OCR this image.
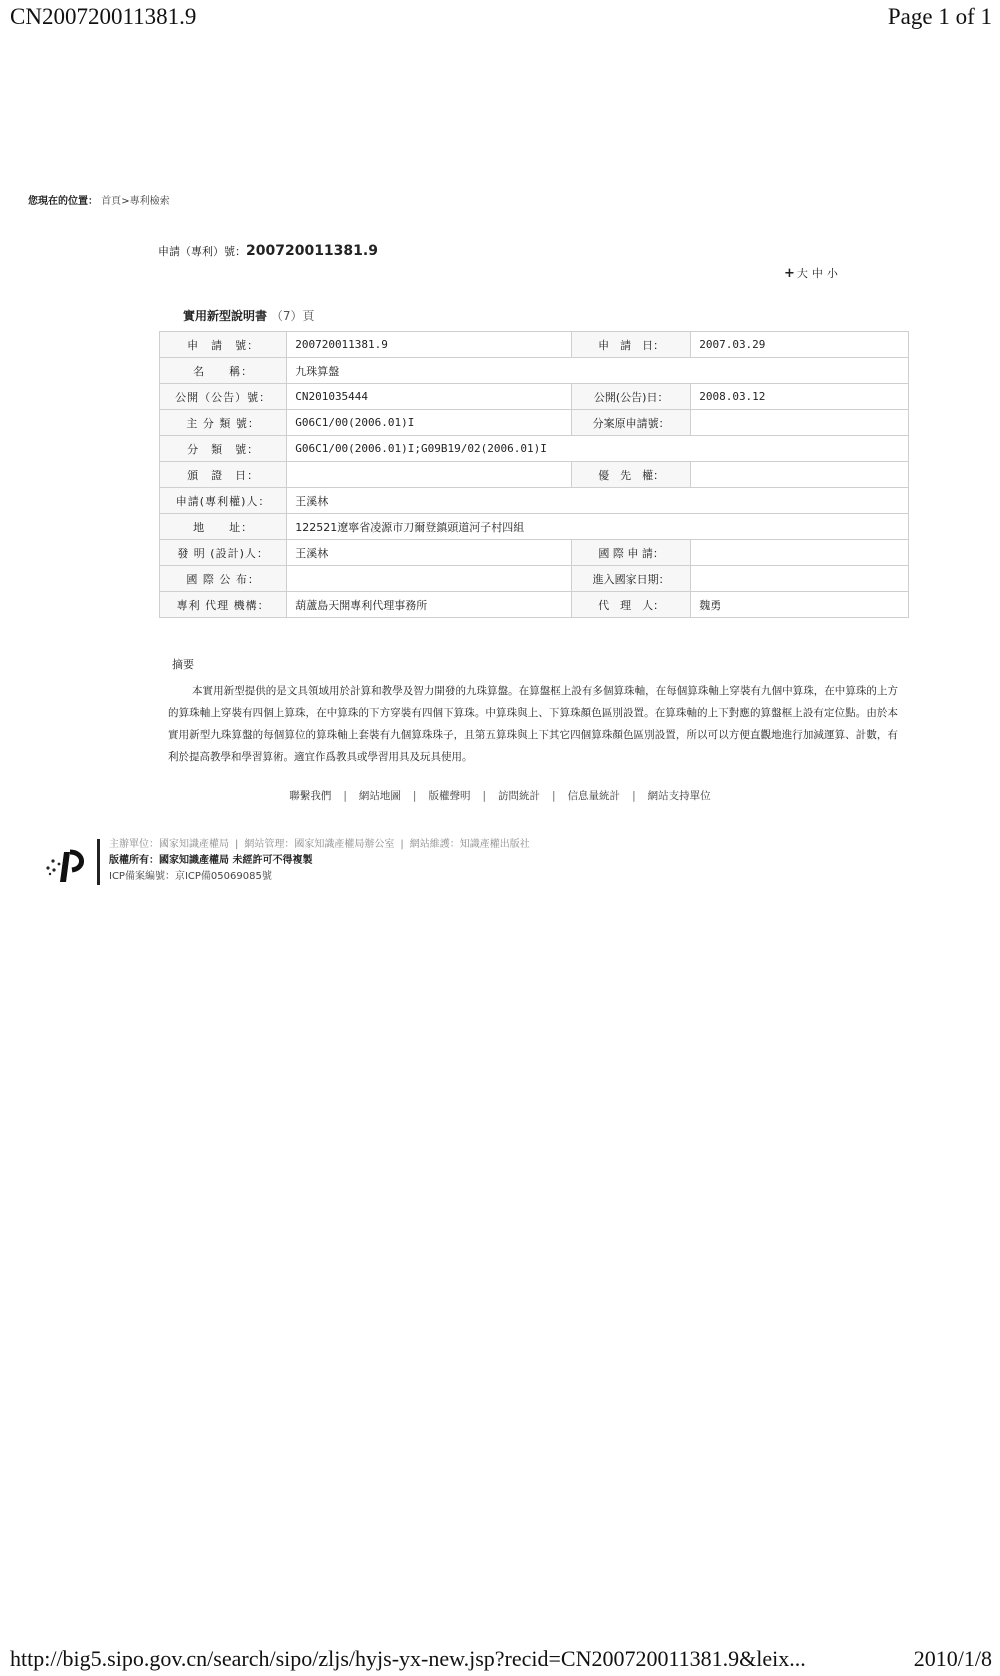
CN200720011381.9	Page 1 of 1
您現在的位置： 首頁>專利檢索
申請（專利）號：200720011381.9
+大中小
實用新型說明書 （7）頁
申　請　號：	200720011381.9	申　請　日：	2007.03.29
名　　稱：	九珠算盤		
公開（公告）號：	CN201035444	公開(公告)日：	2008.03.12
主 分 類 號：	G06C1/00(2006.01)I	分案原申請號：	
分　類　號：	G06C1/00(2006.01)I;G09B19/02(2006.01)I		
頒　證　日：		優　先　權：	
申請(專利權)人：	王溪林		
地　　址：	122521遼寧省凌源市刀爾登鎮頭道河子村四組		
發 明 (設計)人：	王溪林	國 際 申 請：	
國 際 公 布：		進入國家日期：	
專利 代理 機構：	葫蘆島天開專利代理事務所	代　理　人：	魏勇
摘要
本實用新型提供的是文具領域用於計算和教學及智力開發的九珠算盤。在算盤框上設有多個算珠軸，在每個算珠軸上穿裝有九個中算珠，在中算珠的上方的算珠軸上穿裝有四個上算珠，在中算珠的下方穿裝有四個下算珠。中算珠與上、下算珠顏色區別設置。在算珠軸的上下對應的算盤框上設有定位點。由於本實用新型九珠算盤的每個算位的算珠軸上套裝有九個算珠珠子，且第五算珠與上下其它四個算珠顏色區別設置，所以可以方便直觀地進行加減運算、計數，有利於提高教學和學習算術。適宜作爲教具或學習用具及玩具使用。
聯繫我們 | 網站地圖 | 版權聲明 | 訪問統計 | 信息量統計 | 網站支持單位
主辦單位：國家知識產權局 | 網站管理：國家知識產權局辦公室 | 網站維護：知識產權出版社
版權所有：國家知識產權局 未經許可不得複製
ICP備案編號：京ICP備05069085號
http://big5.sipo.gov.cn/search/sipo/zljs/hyjs-yx-new.jsp?recid=CN200720011381.9&leix...	2010/1/8
